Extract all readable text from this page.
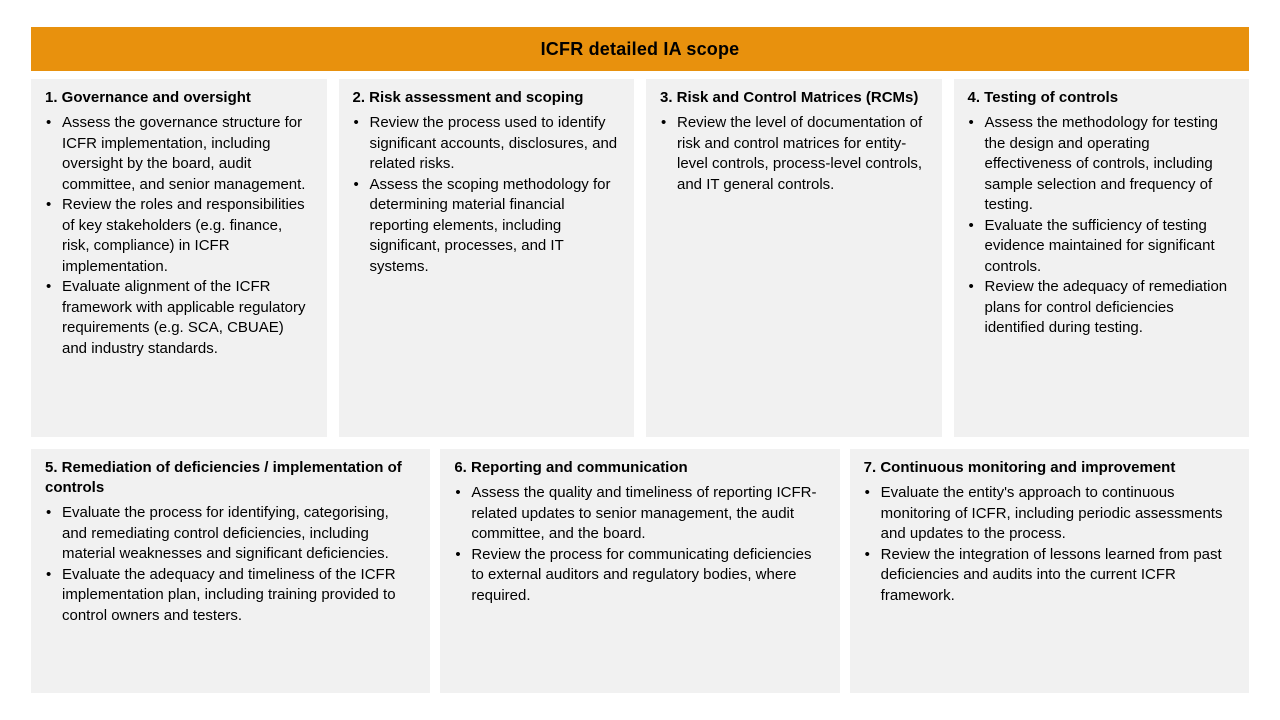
ICFR detailed IA scope
1. Governance and oversight
• Assess the governance structure for ICFR implementation, including oversight by the board, audit committee, and senior management.
• Review the roles and responsibilities of key stakeholders (e.g. finance, risk, compliance) in ICFR implementation.
• Evaluate alignment of the ICFR framework with applicable regulatory requirements (e.g. SCA, CBUAE) and industry standards.
2. Risk assessment and scoping
• Review the process used to identify significant accounts, disclosures, and related risks.
• Assess the scoping methodology for determining material financial reporting elements, including significant, processes, and IT systems.
3. Risk and Control Matrices (RCMs)
• Review the level of documentation of risk and control matrices for entity-level controls, process-level controls, and IT general controls.
4. Testing of controls
• Assess the methodology for testing the design and operating effectiveness of controls, including sample selection and frequency of testing.
• Evaluate the sufficiency of testing evidence maintained for significant controls.
• Review the adequacy of remediation plans for control deficiencies identified during testing.
5. Remediation of deficiencies / implementation of controls
• Evaluate the process for identifying, categorising, and remediating control deficiencies, including material weaknesses and significant deficiencies.
• Evaluate the adequacy and timeliness of the ICFR implementation plan, including training provided to control owners and testers.
6. Reporting and communication
• Assess the quality and timeliness of reporting ICFR-related updates to senior management, the audit committee, and the board.
• Review the process for communicating deficiencies to external auditors and regulatory bodies, where required.
7. Continuous monitoring and improvement
• Evaluate the entity's approach to continuous monitoring of ICFR, including periodic assessments and updates to the process.
• Review the integration of lessons learned from past deficiencies and audits into the current ICFR framework.
